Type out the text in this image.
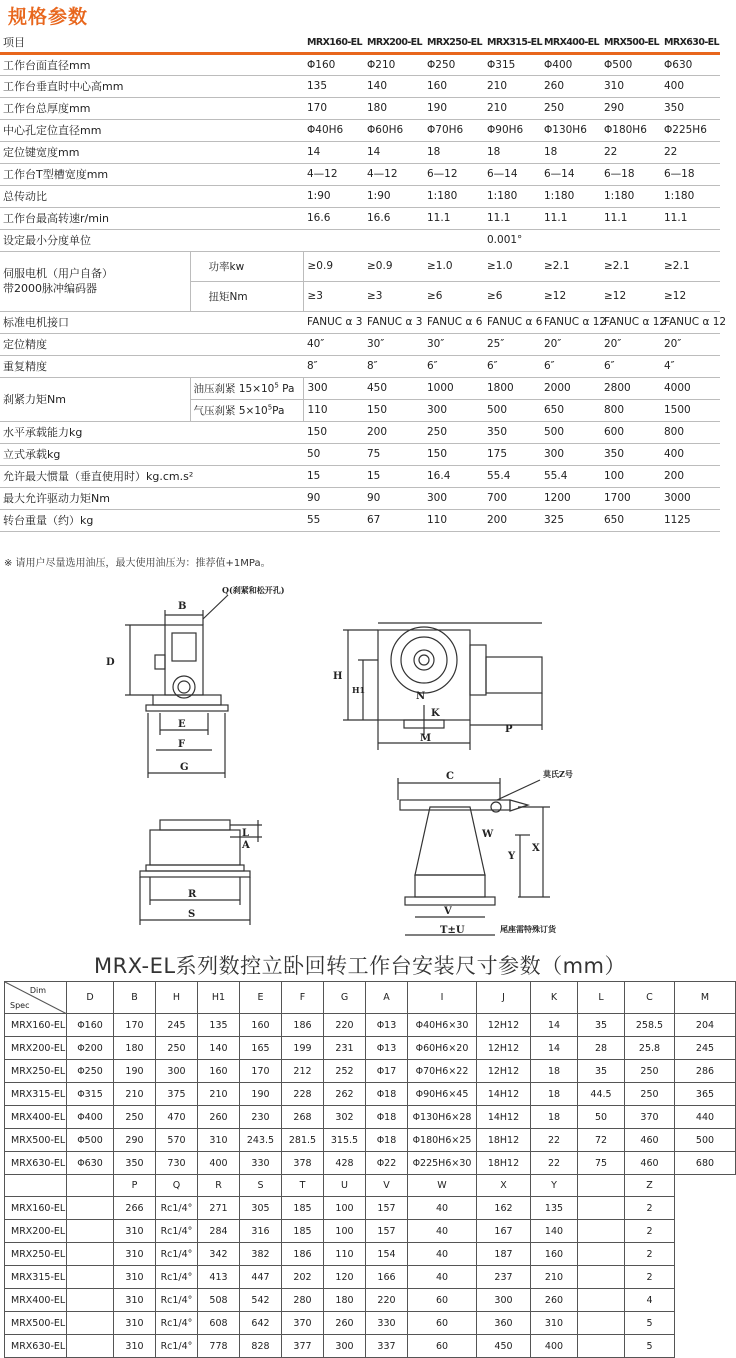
规格参数
项目		MRX160-EL	MRX200-EL	MRX250-EL	MRX315-EL	MRX400-EL	MRX500-EL	MRX630-EL
工作台面直径mm		Φ160	Φ210	Φ250	Φ315	Φ400	Φ500	Φ630
工作台垂直时中心高mm		135	140	160	210	260	310	400
工作台总厚度mm		170	180	190	210	250	290	350
中心孔定位直径mm		Φ40H6	Φ60H6	Φ70H6	Φ90H6	Φ130H6	Φ180H6	Φ225H6
定位键宽度mm		14	14	18	18	18	22	22
工作台T型槽宽度mm		4—12	4—12	6—12	6—14	6—14	6—18	6—18
总传动比		1:90	1:90	1:180	1:180	1:180	1:180	1:180
工作台最高转速r/min		16.6	16.6	11.1	11.1	11.1	11.1	11.1
设定最小分度单位					0.001°			

伺服电机（用户自备）
带2000脉冲编码器	功率kw	≥0.9	≥0.9	≥1.0	≥1.0	≥2.1	≥2.1	≥2.1
	扭矩Nm	≥3	≥3	≥6	≥6	≥12	≥12	≥12
标准电机接口		FANUC α 3	FANUC α 3	FANUC α 6	FANUC α 6	FANUC α 12	FANUC α 12	FANUC α 12
定位精度		40″	30″	30″	25″	20″	20″	20″
重复精度		8″	8″	6″	6″	6″	6″	4″
刹紧力矩Nm	油压刹紧 $15\times 10^5$ Pa	300	450	1000	1800	2000	2800	4000
	气压刹紧 $5\times 10^5Pa$	110	150	300	500	650	800	1500
水平承载能力kg		150	200	250	350	500	600	800
立式承载kg		50	75	150	175	300	350	400
允许最大惯量（垂直使用时）kg.cm.s²		15	15	16.4	55.4	55.4	100	200
最大允许驱动力矩Nm		90	90	300	700	1200	1700	3000
转台重量（约）kg		55	67	110	200	325	650	1125
※ 请用户尽量选用油压，最大使用油压为：推荐值+1MPa。
B
Q(刹紧和松开孔)
D
E
F
G
H
H1
K
M
N
P
C	莫氏Z号
W
X
Y
L
A
R
S	V
T±U	尾座需特殊订货
MRX-EL系列数控立卧回转工作台安装尺寸参数（mm）
Dim
Spec	D	B	H	H1	E	F	G	A	I	J	K	L	C	M
MRX160-EL	Φ160	170	245	135	160	186	220	Φ13	Φ40H6×30	12H12	14	35	258.5	204
MRX200-EL	Φ200	180	250	140	165	199	231	Φ13	Φ60H6×20	12H12	14	28	25.8	245
MRX250-EL	Φ250	190	300	160	170	212	252	Φ17	Φ70H6×22	12H12	18	35	250	286
MRX315-EL	Φ315	210	375	210	190	228	262	Φ18	Φ90H6×45	14H12	18	44.5	250	365
MRX400-EL	Φ400	250	470	260	230	268	302	Φ18	Φ130H6×28	14H12	18	50	370	440
MRX500-EL	Φ500	290	570	310	243.5	281.5	315.5	Φ18	Φ180H6×25	18H12	22	72	460	500
MRX630-EL	Φ630	350	730	400	330	378	428	Φ22	Φ225H6×30	18H12	22	75	460	680
		P	Q	R	S	T	U	V	W	X	Y		Z	
MRX160-EL		266	Rc1/4°	271	305	185	100	157	40	162	135		2	
MRX200-EL		310	Rc1/4°	284	316	185	100	157	40	167	140		2	
MRX250-EL		310	Rc1/4°	342	382	186	110	154	40	187	160		2	
MRX315-EL		310	Rc1/4°	413	447	202	120	166	40	237	210		2	
MRX400-EL		310	Rc1/4°	508	542	280	180	220	60	300	260		4	
MRX500-EL		310	Rc1/4°	608	642	370	260	330	60	360	310		5	
MRX630-EL		310	Rc1/4°	778	828	377	300	337	60	450	400		5	
